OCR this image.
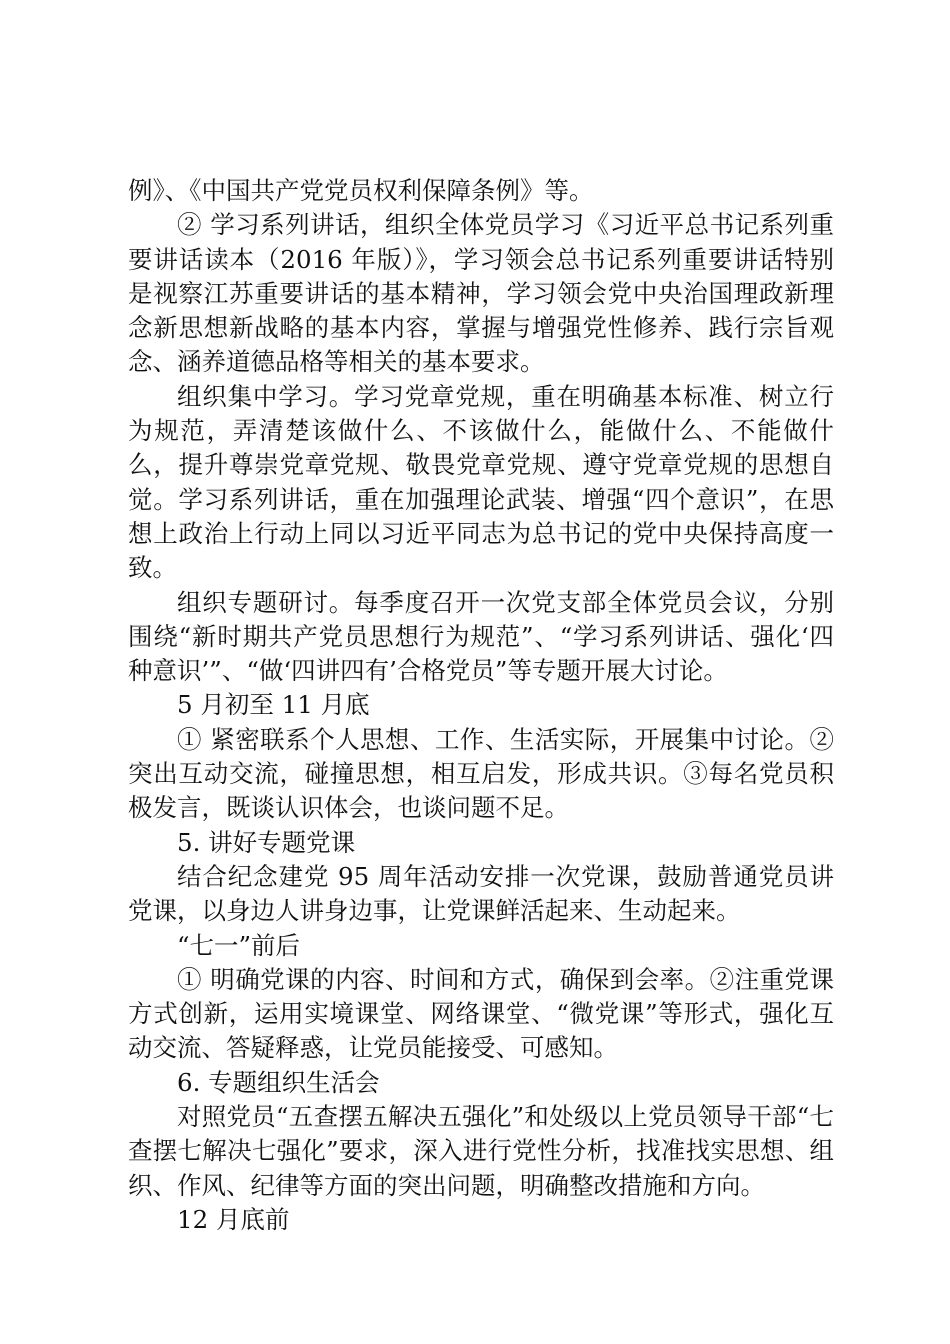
例》、《中国共产党党员权利保障条例》等。

② 学习系列讲话，组织全体党员学习《习近平总书记系列重要讲话读本（2016 年版）》，学习领会总书记系列重要讲话特别是视察江苏重要讲话的基本精神，学习领会党中央治国理政新理念新思想新战略的基本内容，掌握与增强党性修养、践行宗旨观念、涵养道德品格等相关的基本要求。

组织集中学习。学习党章党规，重在明确基本标准、树立行为规范，弄清楚该做什么、不该做什么，能做什么、不能做什么，提升尊崇党章党规、敬畏党章党规、遵守党章党规的思想自觉。学习系列讲话，重在加强理论武装、增强“四个意识”，在思想上政治上行动上同以习近平同志为总书记的党中央保持高度一致。

组织专题研讨。每季度召开一次党支部全体党员会议，分别围绕“新时期共产党员思想行为规范”、“学习系列讲话、强化‘四种意识’”、“做‘四讲四有’合格党员”等专题开展大讨论。

5 月初至 11 月底

① 紧密联系个人思想、工作、生活实际，开展集中讨论。②突出互动交流，碰撞思想，相互启发，形成共识。③每名党员积极发言，既谈认识体会，也谈问题不足。

5. 讲好专题党课

结合纪念建党 95 周年活动安排一次党课，鼓励普通党员讲党课，以身边人讲身边事，让党课鲜活起来、生动起来。

“七一”前后

① 明确党课的内容、时间和方式，确保到会率。②注重党课方式创新，运用实境课堂、网络课堂、“微党课”等形式，强化互动交流、答疑释惑，让党员能接受、可感知。

6. 专题组织生活会

对照党员“五查摆五解决五强化”和处级以上党员领导干部“七查摆七解决七强化”要求，深入进行党性分析，找准找实思想、组织、作风、纪律等方面的突出问题，明确整改措施和方向。

12 月底前
